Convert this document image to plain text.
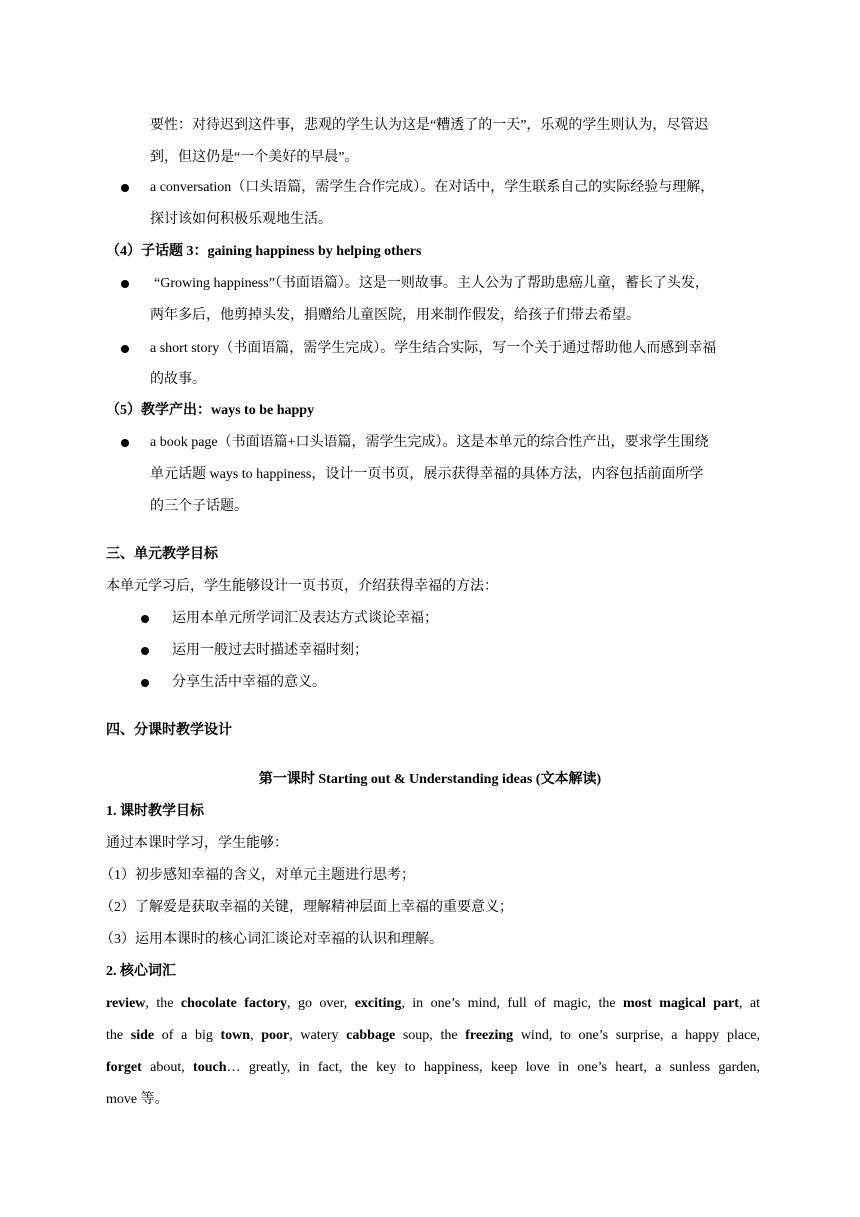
要性：对待迟到这件事，悲观的学生认为这是“糟透了的一天”，乐观的学生则认为，尽管迟
到，但这仍是“一个美好的早晨”。
a conversation（口头语篇，需学生合作完成）。在对话中，学生联系自己的实际经验与理解，
探讨该如何积极乐观地生活。
（4）子话题 3：gaining happiness by helping others
“Growing happiness”（书面语篇）。这是一则故事。主人公为了帮助患癌儿童，蓄长了头发，
两年多后，他剪掉头发，捐赠给儿童医院，用来制作假发，给孩子们带去希望。
a short story（书面语篇，需学生完成）。学生结合实际，写一个关于通过帮助他人而感到幸福
的故事。
（5）教学产出：ways to be happy
a book page（书面语篇+口头语篇，需学生完成）。这是本单元的综合性产出，要求学生围绕
单元话题 ways to happiness，设计一页书页，展示获得幸福的具体方法，内容包括前面所学
的三个子话题。
三、单元教学目标
本单元学习后，学生能够设计一页书页，介绍获得幸福的方法：
运用本单元所学词汇及表达方式谈论幸福；
运用一般过去时描述幸福时刻；
分享生活中幸福的意义。
四、分课时教学设计
第一课时 Starting out & Understanding ideas (文本解读)
1. 课时教学目标
通过本课时学习，学生能够：
（1）初步感知幸福的含义，对单元主题进行思考；
（2）了解爱是获取幸福的关键，理解精神层面上幸福的重要意义；
（3）运用本课时的核心词汇谈论对幸福的认识和理解。
2. 核心词汇
review, the chocolate factory, go over, exciting, in one’s mind, full of magic, the most magical part, at
the side of a big town, poor, watery cabbage soup, the freezing wind, to one’s surprise, a happy place,
forget about, touch… greatly, in fact, the key to happiness, keep love in one’s heart, a sunless garden,
move 等。
